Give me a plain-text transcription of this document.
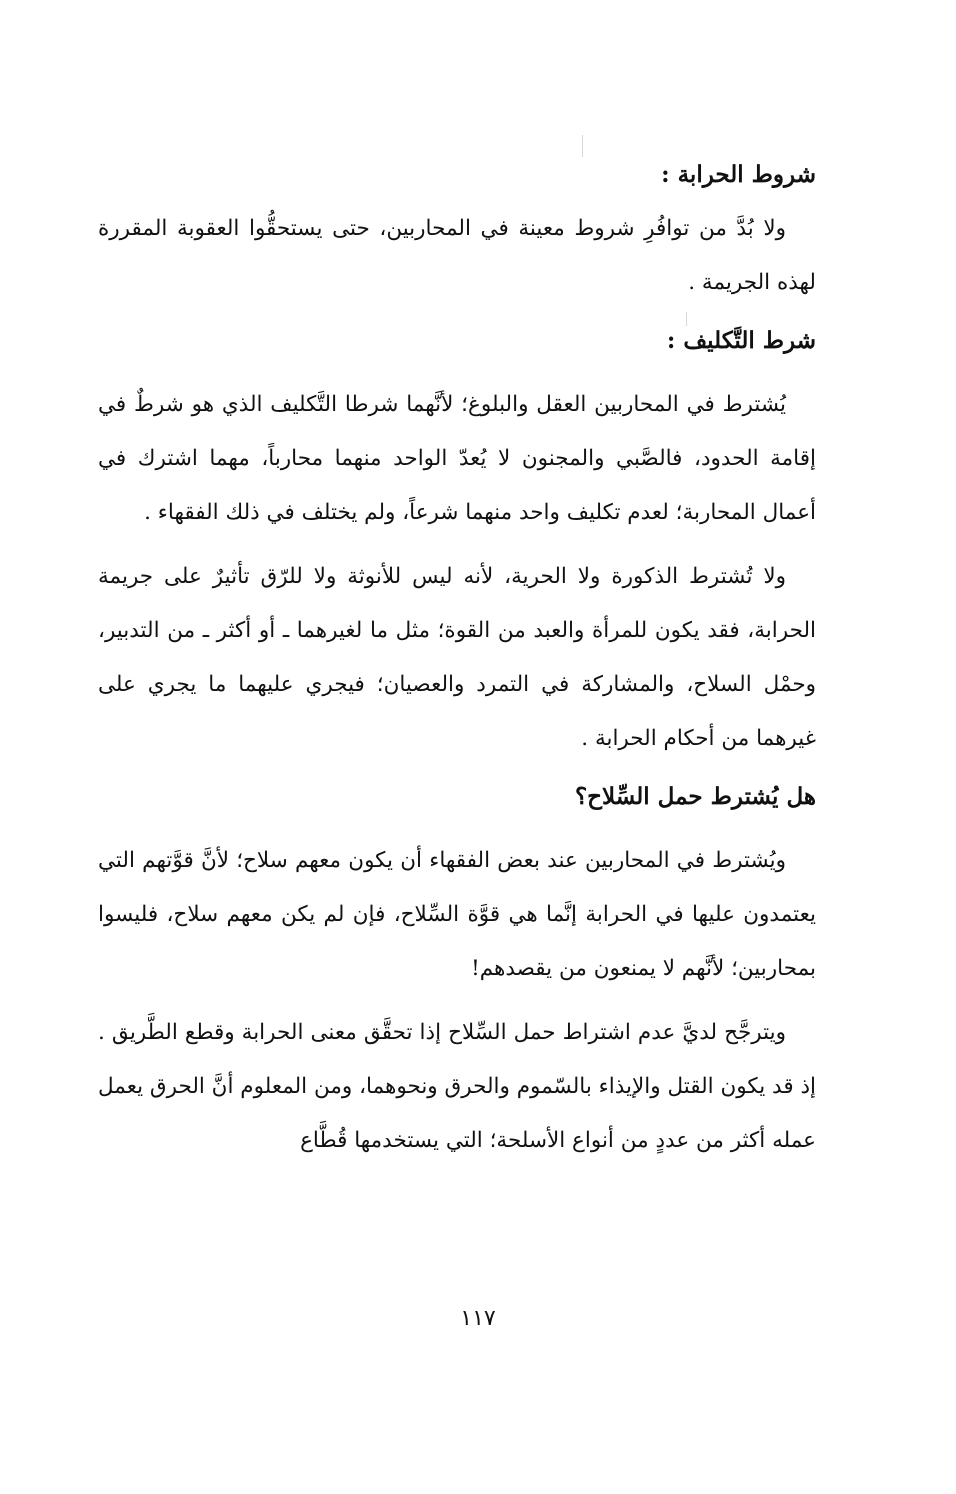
شروط الحرابة :

ولا بُدَّ من توافُرِ شروط معينة في المحاربين، حتى يستحقُّوا العقوبة المقررة لهذه الجريمة .

شرط التَّكليف :

يُشترط في المحاربين العقل والبلوغ؛ لأنَّهما شرطا التَّكليف الذي هو شرطٌ في إقامة الحدود، فالصَّبي والمجنون لا يُعدّ الواحد منهما محارباً، مهما اشترك في أعمال المحاربة؛ لعدم تكليف واحد منهما شرعاً، ولم يختلف في ذلك الفقهاء .

ولا تُشترط الذكورة ولا الحرية، لأنه ليس للأنوثة ولا للرّق تأثيرٌ على جريمة الحرابة، فقد يكون للمرأة والعبد من القوة؛ مثل ما لغيرهما ـ أو أكثر ـ من التدبير، وحمْل السلاح، والمشاركة في التمرد والعصيان؛ فيجري عليهما ما يجري على غيرهما من أحكام الحرابة .

هل يُشترط حمل السِّلاح؟

ويُشترط في المحاربين عند بعض الفقهاء أن يكون معهم سلاح؛ لأنَّ قوَّتهم التي يعتمدون عليها في الحرابة إنَّما هي قوَّة السِّلاح، فإن لم يكن معهم سلاح، فليسوا بمحاربين؛ لأنَّهم لا يمنعون من يقصدهم!

ويترجَّح لديَّ عدم اشتراط حمل السِّلاح إذا تحقَّق معنى الحرابة وقطع الطَّريق . إذ قد يكون القتل والإيذاء بالسّموم والحرق ونحوهما، ومن المعلوم أنَّ الحرق يعمل عمله أكثر من عددٍ من أنواع الأسلحة؛ التي يستخدمها قُطَّاع

١١٧
